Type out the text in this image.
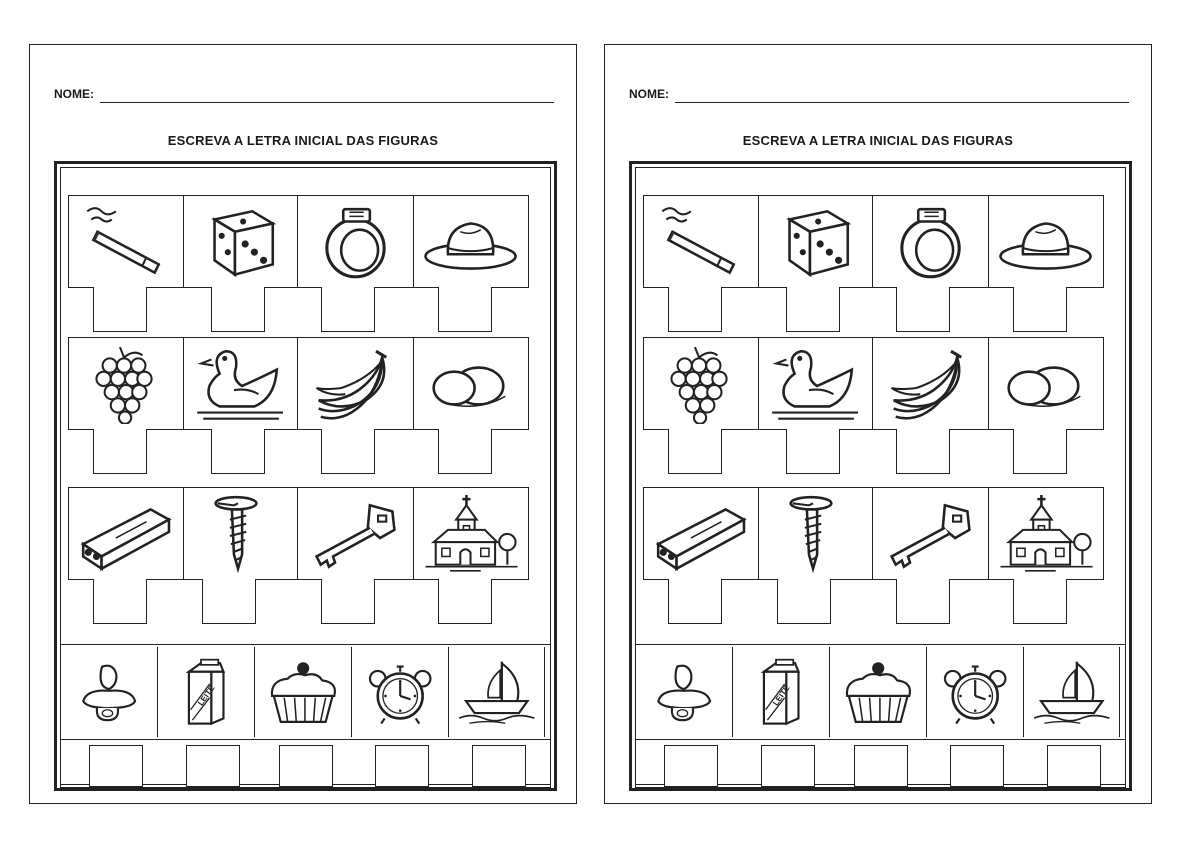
NOME:
ESCREVA A LETRA INICIAL DAS FIGURAS
LEITE
NOME:
ESCREVA A LETRA INICIAL DAS FIGURAS
LEITE
